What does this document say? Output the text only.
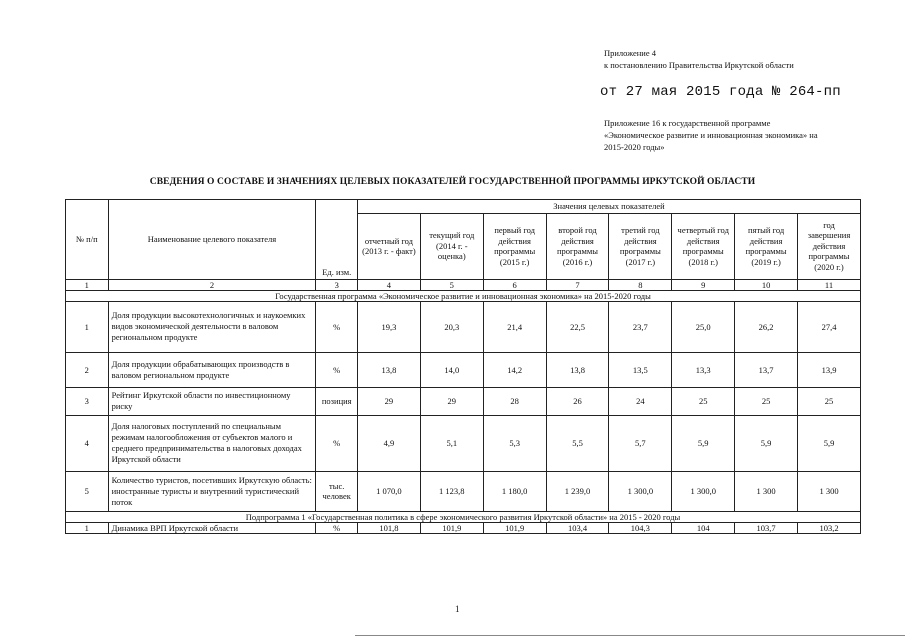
Приложение 4
к постановлению Правительства Иркутской области
от 27 мая 2015 года № 264-пп
Приложение 16 к государственной программе
«Экономическое развитие и инновационная экономика» на
2015-2020 годы»
СВЕДЕНИЯ О СОСТАВЕ И ЗНАЧЕНИЯХ ЦЕЛЕВЫХ ПОКАЗАТЕЛЕЙ ГОСУДАРСТВЕННОЙ ПРОГРАММЫ ИРКУТСКОЙ ОБЛАСТИ
№ п/п	Наименование целевого показателя	Ед. изм.	Значения целевых показателей							
			отчетный год (2013 г. - факт)	текущий год (2014 г. - оценка)	первый год действия программы (2015 г.)	второй год действия программы (2016 г.)	третий год действия программы (2017 г.)	четвертый год действия программы (2018 г.)	пятый год действия программы (2019 г.)	год завершения действия программы (2020 г.)
1	2	3	4	5	6	7	8	9	10	11
Государственная программа «Экономическое развитие и инновационная экономика» на 2015-2020 годы										
1	Доля продукции высокотехнологичных и наукоемких видов экономической деятельности в валовом региональном продукте	%	19,3	20,3	21,4	22,5	23,7	25,0	26,2	27,4
2	Доля продукции обрабатывающих производств в валовом региональном продукте	%	13,8	14,0	14,2	13,8	13,5	13,3	13,7	13,9
3	Рейтинг Иркутской области по инвестиционному риску	позиция	29	29	28	26	24	25	25	25
4	Доля налоговых поступлений по специальным режимам налогообложения от субъектов малого и среднего предпринимательства в налоговых доходах Иркутской области	%	4,9	5,1	5,3	5,5	5,7	5,9	5,9	5,9
5	Количество туристов, посетивших Иркутскую область: иностранные туристы и внутренний туристический поток	тыс. человек	1 070,0	1 123,8	1 180,0	1 239,0	1 300,0	1 300,0	1 300	1 300
Подпрограмма 1 «Государственная политика в сфере экономического развития Иркутской области» на 2015 - 2020 годы										
1	Динамика ВРП Иркутской области	%	101,8	101,9	101,9	103,4	104,3	104	103,7	103,2
1
